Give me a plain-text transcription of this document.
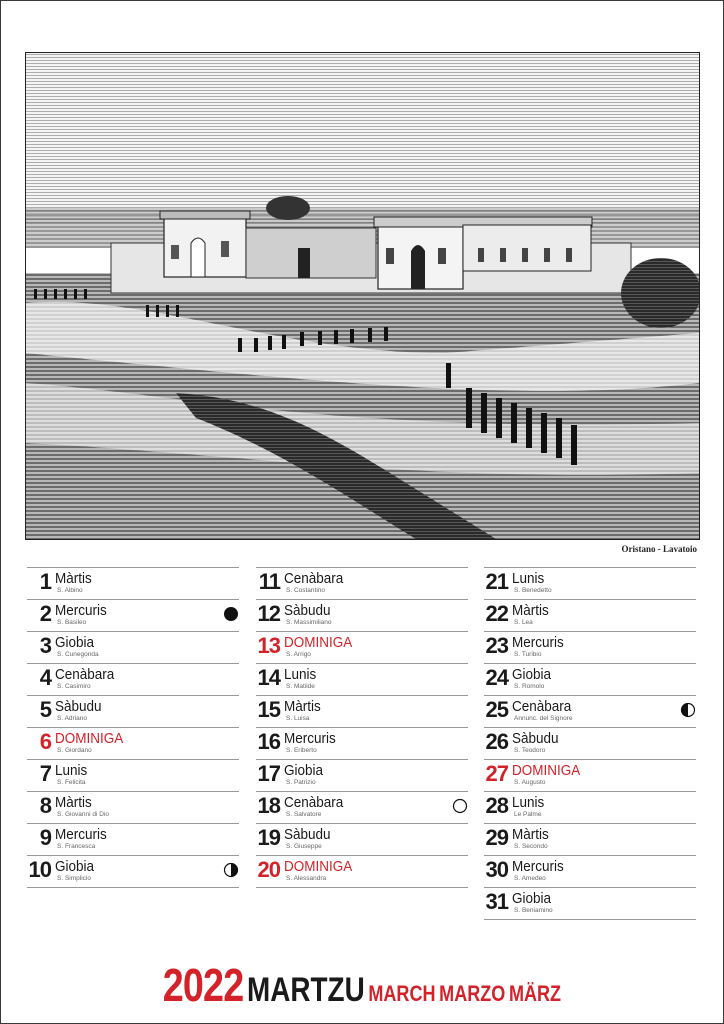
Oristano - Lavatoio
1 Màrtis
S. Albino
2 Mercuris
S. Basileo
3 Giobia
S. Cunegonda
4 Cenàbara
S. Casimiro
5 Sàbudu
S. Adriano
6 DOMINIGA
S. Giordano
7 Lunis
S. Felicita
8 Màrtis
S. Giovanni di Dio
9 Mercuris
S. Francesca
10 Giobia
S. Simplicio
11 Cenàbara
S. Costantino
12 Sàbudu
S. Massimiliano
13 DOMINIGA
S. Arrigo
14 Lunis
S. Matilde
15 Màrtis
S. Luisa
16 Mercuris
S. Eriberto
17 Giobia
S. Patrizio
18 Cenàbara
S. Salvatore
19 Sàbudu
S. Giuseppe
20 DOMINIGA
S. Alessandra
21 Lunis
S. Benedetto
22 Màrtis
S. Lea
23 Mercuris
S. Turibio
24 Giobia
S. Romolo
25 Cenàbara
Annunc. del Signore
26 Sàbudu
S. Teodoro
27 DOMINIGA
S. Augusto
28 Lunis
Le Palme
29 Màrtis
S. Secondo
30 Mercuris
S. Amedeo
31 Giobia
S. Beniamino
2022 MARTZU MARCH MARZO MÄRZ
